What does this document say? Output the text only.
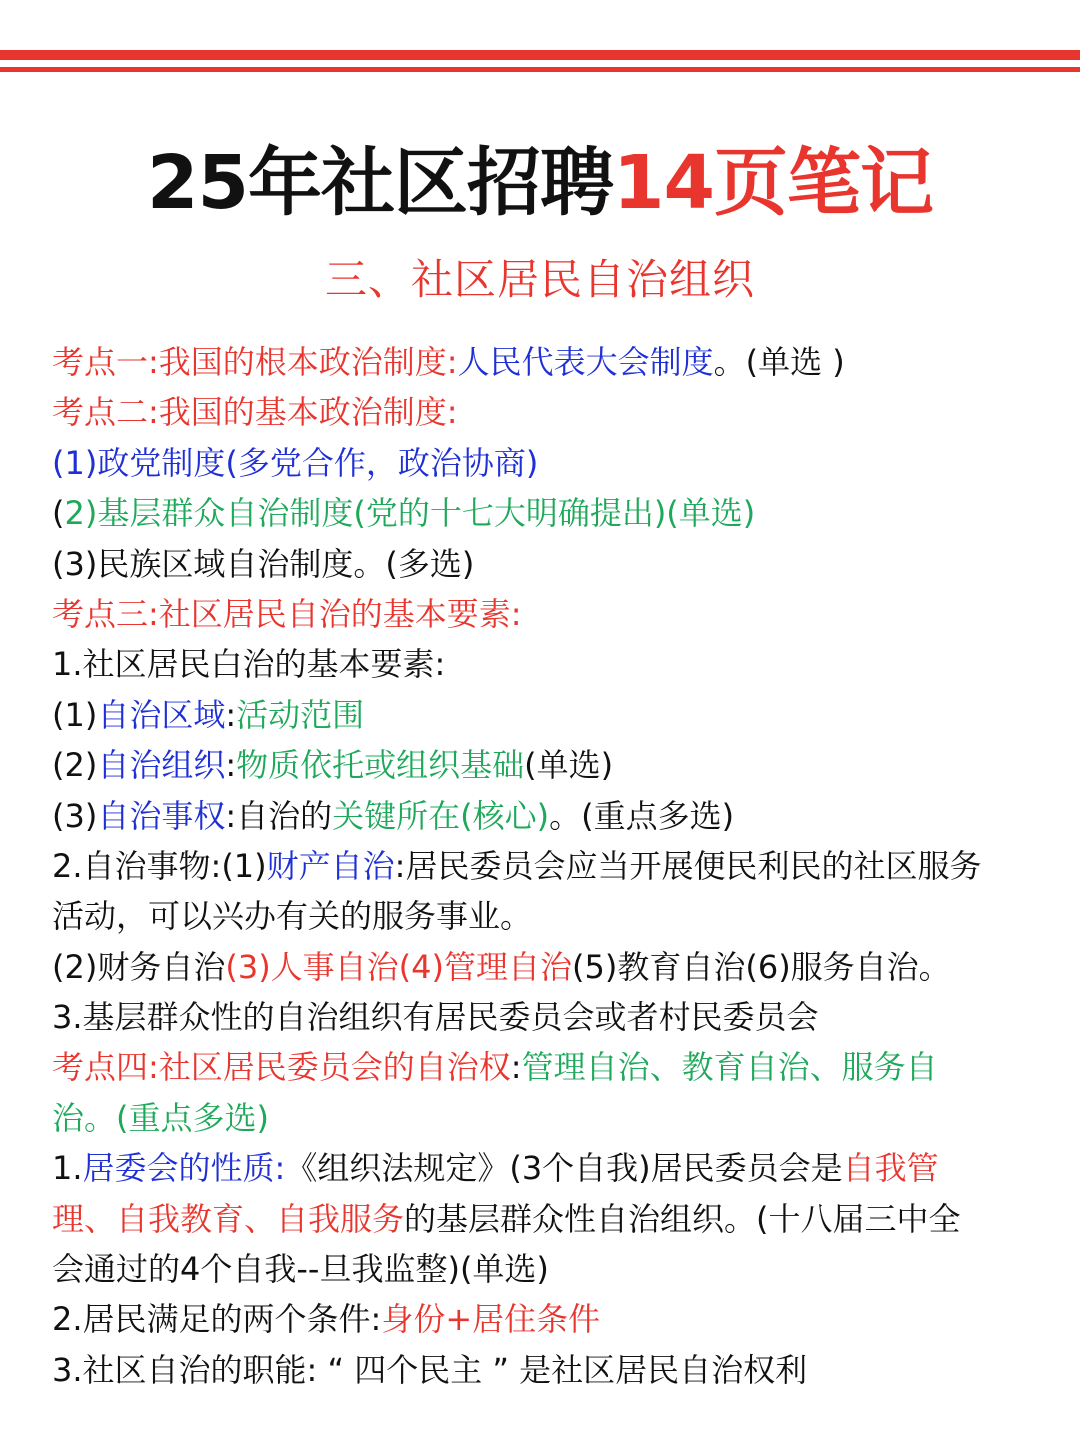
25年社区招聘14页笔记
三、社区居民自治组织
考点一:我国的根本政治制度:人民代表大会制度。(单选 )
考点二:我国的基本政治制度:
(1)政党制度(多党合作，政治协商)
(2)基层群众自治制度(党的十七大明确提出)(单选)
(3)民族区域自治制度。(多选)
考点三:社区居民自治的基本要素:
1.社区居民白治的基本要素:
(1)自治区域:活动范围
(2)自治组织:物质依托或组织基础(单选)
(3)自治事权:自治的关键所在(核心)。(重点多选)
2.自治事物:(1)财产自治:居民委员会应当开展便民利民的社区服务
活动，可以兴办有关的服务事业。
(2)财务自治(3)人事自治(4)管理自治(5)教育自治(6)服务自治。
3.基层群众性的自治组织有居民委员会或者村民委员会
考点四:社区居民委员会的自治权:管理自治、教育自治、服务自
治。(重点多选)
1.居委会的性质:《组织法规定》(3个自我)居民委员会是自我管
理、自我教育、自我服务的基层群众性自治组织。(十八届三中全
会通过的4个自我--旦我监整)(单选)
2.居民满足的两个条件:身份+居住条件
3.社区自治的职能: “ 四个民主 ” 是社区居民自治权利
